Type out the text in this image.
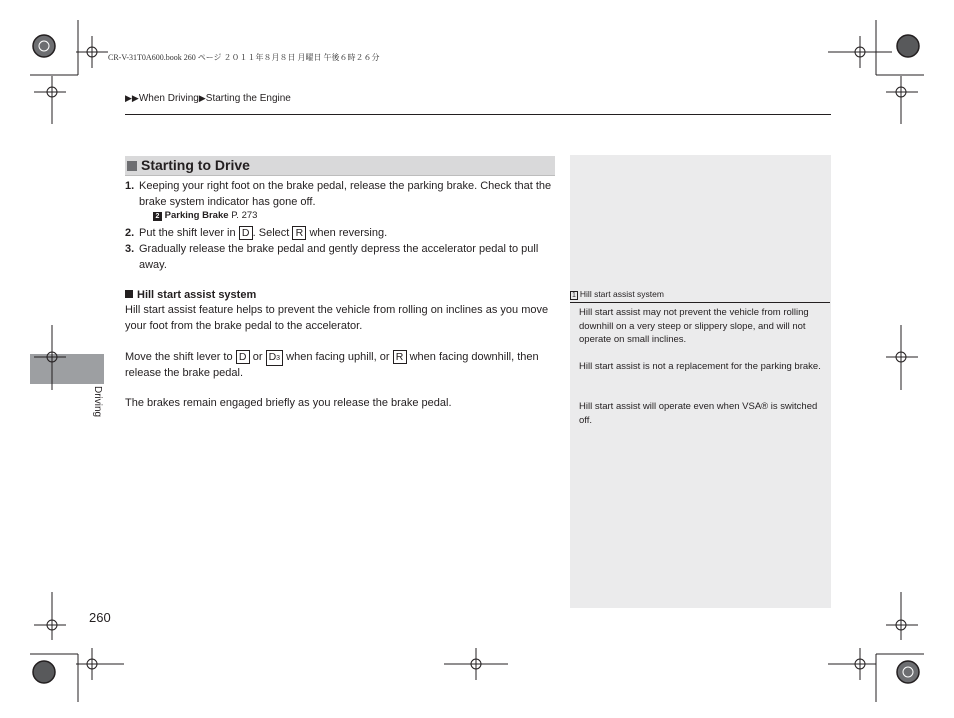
CR-V-31T0A600.book 260 ページ ２０１１年８月８日 月曜日 午後６時２６分
▶▶When Driving▶Starting the Engine
Starting to Drive
1. Keeping your right foot on the brake pedal, release the parking brake. Check that the brake system indicator has gone off.
2 Parking Brake P. 273
2. Put the shift lever in D . Select R when reversing.
3. Gradually release the brake pedal and gently depress the accelerator pedal to pull away.
Hill start assist system
Hill start assist feature helps to prevent the vehicle from rolling on inclines as you move your foot from the brake pedal to the accelerator.
Move the shift lever to D or D3 when facing uphill, or R when facing downhill, then release the brake pedal.
The brakes remain engaged briefly as you release the brake pedal.
Driving
260
1 Hill start assist system
Hill start assist may not prevent the vehicle from rolling downhill on a very steep or slippery slope, and will not operate on small inclines.
Hill start assist is not a replacement for the parking brake.
Hill start assist will operate even when VSA® is switched off.
